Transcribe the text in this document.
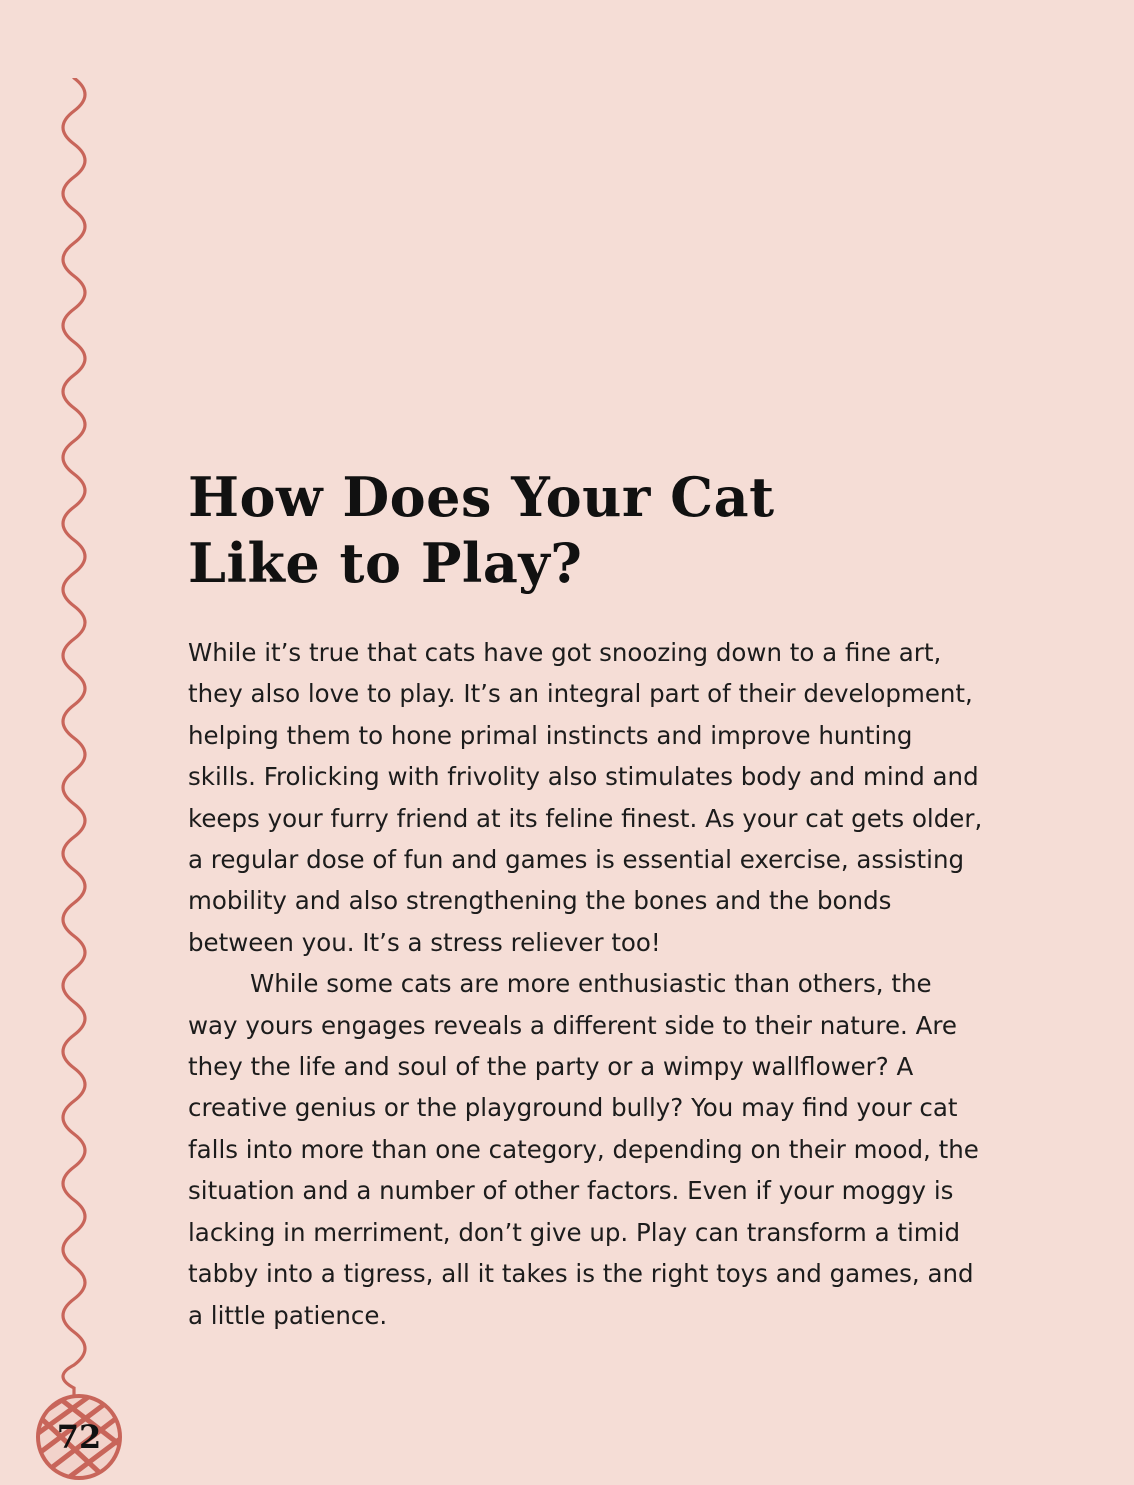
How Does Your Cat
Like to Play?

While it’s true that cats have got snoozing down to a fine art, they also love to play. It’s an integral part of their development, helping them to hone primal instincts and improve hunting skills. Frolicking with frivolity also stimulates body and mind and keeps your furry friend at its feline finest. As your cat gets older, a regular dose of fun and games is essential exercise, assisting mobility and also strengthening the bones and the bonds between you. It’s a stress reliever too!

While some cats are more enthusiastic than others, the way yours engages reveals a different side to their nature. Are they the life and soul of the party or a wimpy wallflower? A creative genius or the playground bully? You may find your cat falls into more than one category, depending on their mood, the situation and a number of other factors. Even if your moggy is lacking in merriment, don’t give up. Play can transform a timid tabby into a tigress, all it takes is the right toys and games, and a little patience.

72
